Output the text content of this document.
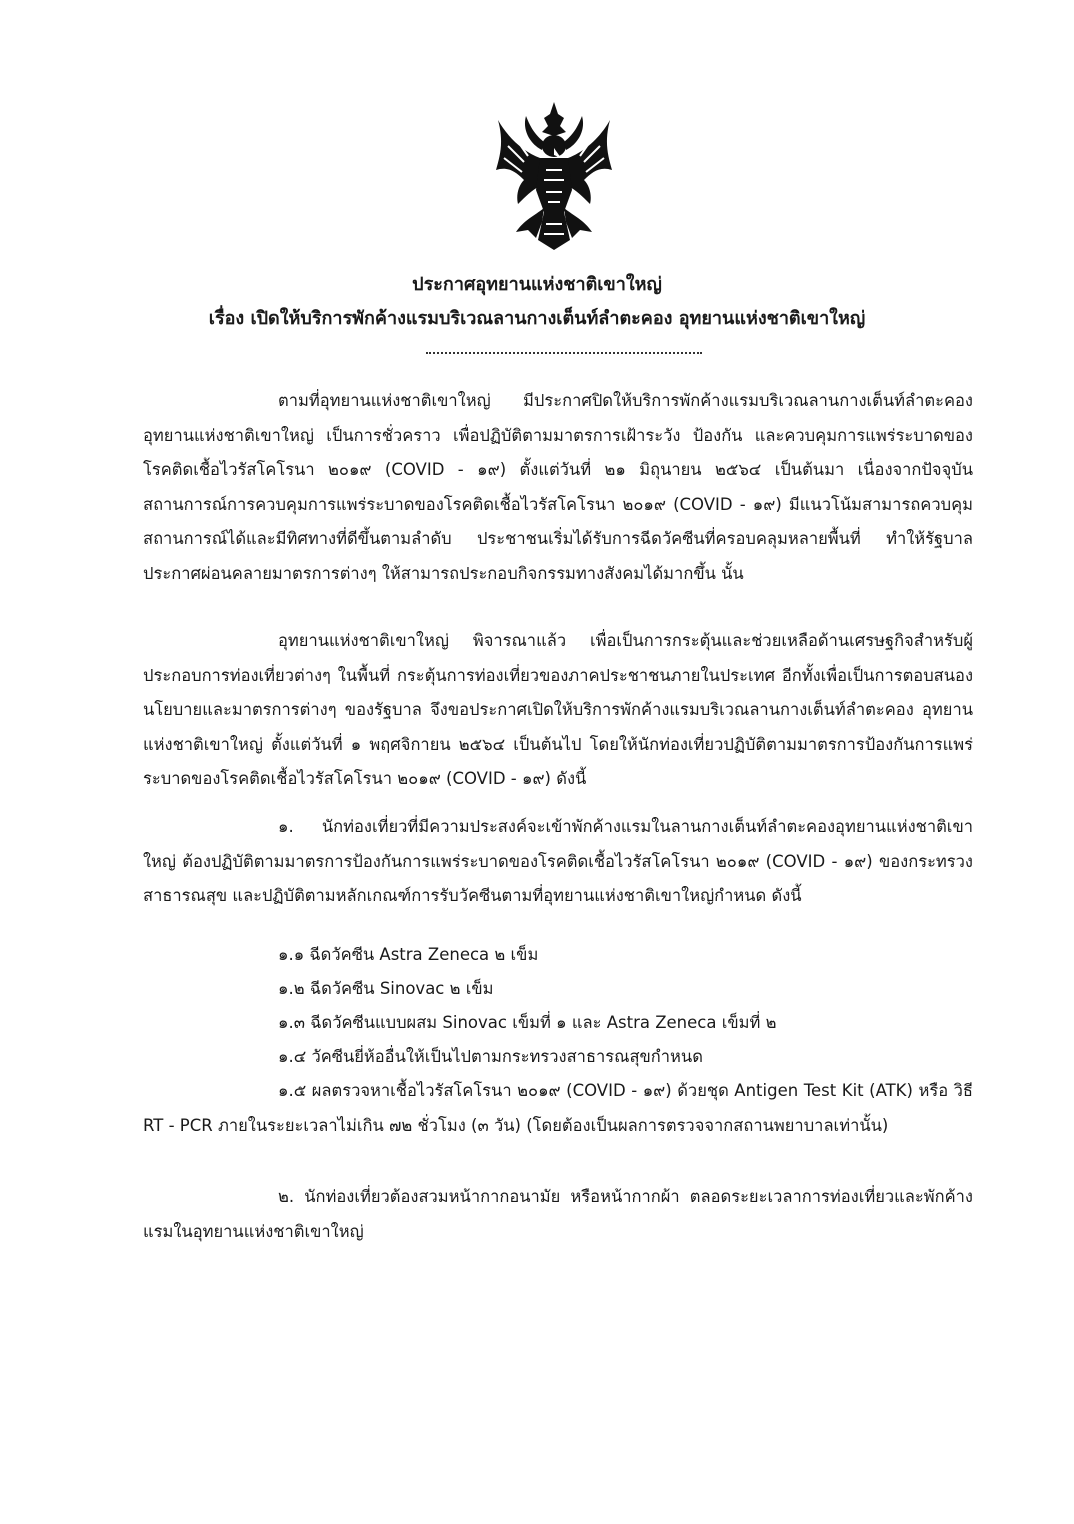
ประกาศอุทยานแห่งชาติเขาใหญ่
เรื่อง เปิดให้บริการพักค้างแรมบริเวณลานกางเต็นท์ลำตะคอง อุทยานแห่งชาติเขาใหญ่

ตามที่อุทยานแห่งชาติเขาใหญ่ มีประกาศปิดให้บริการพักค้างแรมบริเวณลานกางเต็นท์ลำตะคอง อุทยานแห่งชาติเขาใหญ่ เป็นการชั่วคราว เพื่อปฏิบัติตามมาตรการเฝ้าระวัง ป้องกัน และควบคุมการแพร่ระบาดของโรคติดเชื้อไวรัสโคโรนา ๒๐๑๙ (COVID - ๑๙) ตั้งแต่วันที่ ๒๑ มิถุนายน ๒๕๖๔ เป็นต้นมา เนื่องจากปัจจุบันสถานการณ์การควบคุมการแพร่ระบาดของโรคติดเชื้อไวรัสโคโรนา ๒๐๑๙ (COVID - ๑๙) มีแนวโน้มสามารถควบคุมสถานการณ์ได้และมีทิศทางที่ดีขึ้นตามลำดับ ประชาชนเริ่มได้รับการฉีดวัคซีนที่ครอบคลุมหลายพื้นที่ ทำให้รัฐบาลประกาศผ่อนคลายมาตรการต่างๆ ให้สามารถประกอบกิจกรรมทางสังคมได้มากขึ้น นั้น

อุทยานแห่งชาติเขาใหญ่ พิจารณาแล้ว เพื่อเป็นการกระตุ้นและช่วยเหลือด้านเศรษฐกิจสำหรับผู้ประกอบการท่องเที่ยวต่างๆ ในพื้นที่ กระตุ้นการท่องเที่ยวของภาคประชาชนภายในประเทศ อีกทั้งเพื่อเป็นการตอบสนองนโยบายและมาตรการต่างๆ ของรัฐบาล จึงขอประกาศเปิดให้บริการพักค้างแรมบริเวณลานกางเต็นท์ลำตะคอง อุทยานแห่งชาติเขาใหญ่ ตั้งแต่วันที่ ๑ พฤศจิกายน ๒๕๖๔ เป็นต้นไป โดยให้นักท่องเที่ยวปฏิบัติตามมาตรการป้องกันการแพร่ระบาดของโรคติดเชื้อไวรัสโคโรนา ๒๐๑๙ (COVID - ๑๙) ดังนี้

๑. นักท่องเที่ยวที่มีความประสงค์จะเข้าพักค้างแรมในลานกางเต็นท์ลำตะคองอุทยานแห่งชาติเขาใหญ่ ต้องปฏิบัติตามมาตรการป้องกันการแพร่ระบาดของโรคติดเชื้อไวรัสโคโรนา ๒๐๑๙ (COVID - ๑๙) ของกระทรวงสาธารณสุข และปฏิบัติตามหลักเกณฑ์การรับวัคซีนตามที่อุทยานแห่งชาติเขาใหญ่กำหนด ดังนี้

๑.๑ ฉีดวัคซีน Astra Zeneca ๒ เข็ม

๑.๒ ฉีดวัคซีน Sinovac ๒ เข็ม

๑.๓ ฉีดวัคซีนแบบผสม Sinovac เข็มที่ ๑ และ Astra Zeneca เข็มที่ ๒

๑.๔ วัคซีนยี่ห้ออื่นให้เป็นไปตามกระทรวงสาธารณสุขกำหนด

๑.๕ ผลตรวจหาเชื้อไวรัสโคโรนา ๒๐๑๙ (COVID - ๑๙) ด้วยชุด Antigen Test Kit (ATK) หรือ วิธี RT - PCR ภายในระยะเวลาไม่เกิน ๗๒ ชั่วโมง (๓ วัน) (โดยต้องเป็นผลการตรวจจากสถานพยาบาลเท่านั้น)

๒. นักท่องเที่ยวต้องสวมหน้ากากอนามัย หรือหน้ากากผ้า ตลอดระยะเวลาการท่องเที่ยวและพักค้างแรมในอุทยานแห่งชาติเขาใหญ่
